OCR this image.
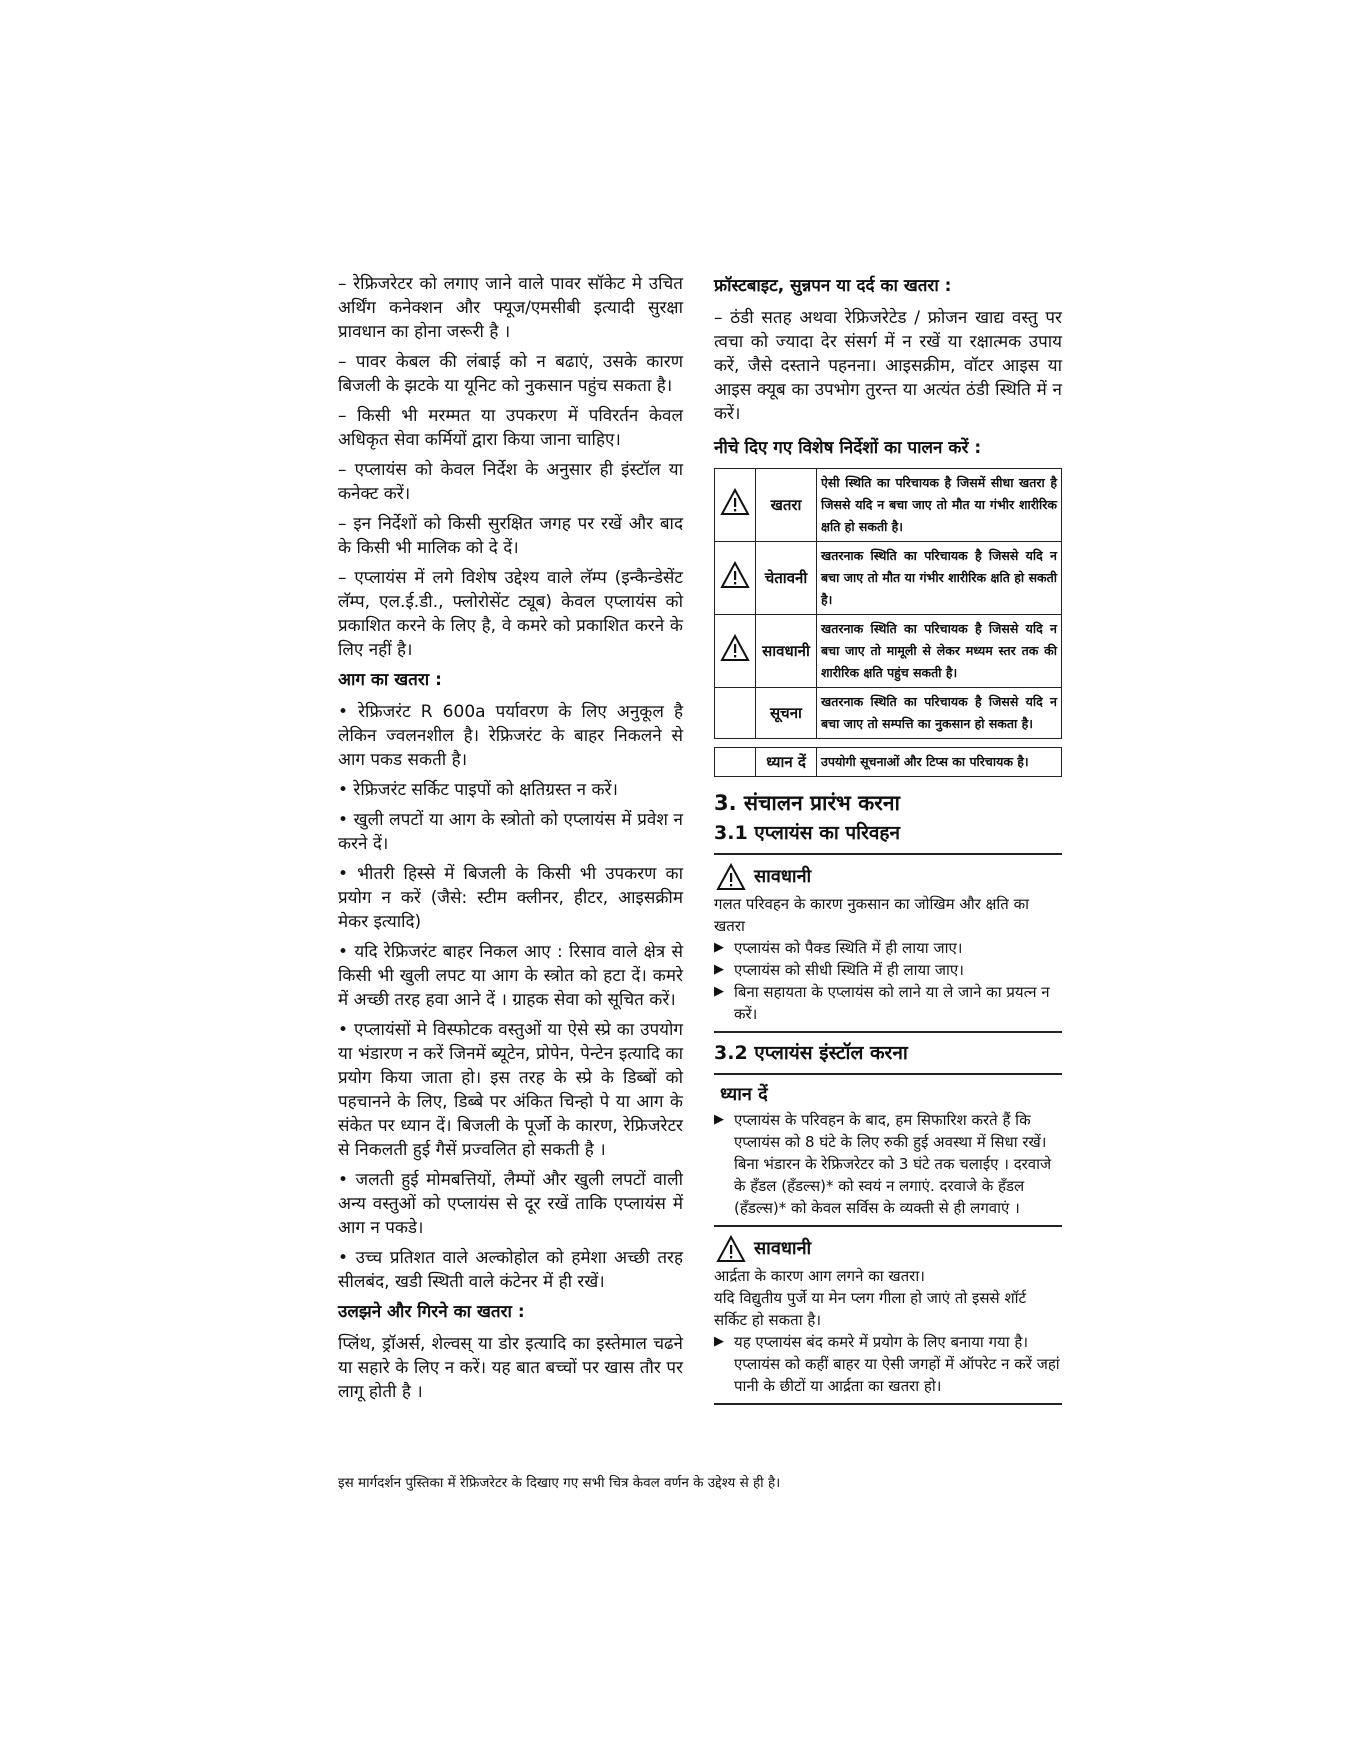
– रेफ्रिजरेटर को लगाए जाने वाले पावर सॉकेट मे उचित अर्थिंग कनेक्शन और फ्यूज/एमसीबी इत्यादी सुरक्षा प्रावधान का होना जरूरी है ।

– पावर केबल की लंबाई को न बढाएं, उसके कारण बिजली के झटके या यूनिट को नुकसान पहुंच सकता है।

– किसी भी मरम्मत या उपकरण में पविरर्तन केवल अधिकृत सेवा कर्मियों द्वारा किया जाना चाहिए।

– एप्लायंस को केवल निर्देश के अनुसार ही इंस्टॉल या कनेक्ट करें।

– इन निर्देशों को किसी सुरक्षित जगह पर रखें और बाद के किसी भी मालिक को दे दें।

– एप्लायंस में लगे विशेष उद्देश्य वाले लॅम्प (इन्कैन्डेसेंट लॅम्प, एल.ई.डी., फ्लोरोसेंट ट्यूब) केवल एप्लायंस को प्रकाशित करने के लिए है, वे कमरे को प्रकाशित करने के लिए नहीं है।

आग का खतरा :

• रेफ्रिजरंट R 600a पर्यावरण के लिए अनुकूल है लेकिन ज्वलनशील है। रेफ्रिजरंट के बाहर निकलने से आग पकड सकती है।

• रेफ्रिजरंट सर्किट पाइपों को क्षतिग्रस्त न करें।

• खुली लपटों या आग के स्त्रोतो को एप्लायंस में प्रवेश न करने दें।

• भीतरी हिस्से में बिजली के किसी भी उपकरण का प्रयोग न करें (जैसे: स्टीम क्लीनर, हीटर, आइसक्रीम मेकर इत्यादि)

• यदि रेफ्रिजरंट बाहर निकल आए : रिसाव वाले क्षेत्र से किसी भी खुली लपट या आग के स्त्रोत को हटा दें। कमरे में अच्छी तरह हवा आने दें । ग्राहक सेवा को सूचित करें।

• एप्लायंसों मे विस्फोटक वस्तुओं या ऐसे स्प्रे का उपयोग या भंडारण न करें जिनमें ब्यूटेन, प्रोपेन, पेन्टेन इत्यादि का प्रयोग किया जाता हो। इस तरह के स्प्रे के डिब्बों को पहचानने के लिए, डिब्बे पर अंकित चिन्हो पे या आग के संकेत पर ध्यान दें। बिजली के पूर्जो के कारण, रेफ्रिजरेटर से निकलती हुई गैसें प्रज्वलित हो सकती है ।

• जलती हुई मोमबत्तियों, लैम्पों और खुली लपटों वाली अन्य वस्तुओं को एप्लायंस से दूर रखें ताकि एप्लायंस में आग न पकडे।

• उच्च प्रतिशत वाले अल्कोहोल को हमेशा अच्छी तरह सीलबंद, खडी स्थिती वाले कंटेनर में ही रखें।

उलझने और गिरने का खतरा :

प्लिंथ, ड्रॉअर्स, शेल्वस् या डोर इत्यादि का इस्तेमाल चढने या सहारे के लिए न करें। यह बात बच्चों पर खास तौर पर लागू होती है ।

फ्रॉस्टबाइट, सुन्नपन या दर्द का खतरा :

– ठंडी सतह अथवा रेफ्रिजरेटेड / फ्रोजन खाद्य वस्तु पर त्वचा को ज्यादा देर संसर्ग में न रखें या रक्षात्मक उपाय करें, जैसे दस्ताने पहनना। आइसक्रीम, वॉटर आइस या आइस क्यूब का उपभोग तुरन्त या अत्यंत ठंडी स्थिति में न करें।

नीचे दिए गए विशेष निर्देशों का पालन करें :
	खतरा	ऐसी स्थिति का परिचायक है जिसमें सीधा खतरा है जिससे यदि न बचा जाए तो मौत या गंभीर शारीरिक क्षति हो सकती है।
	चेतावनी	खतरनाक स्थिति का परिचायक है जिससे यदि न बचा जाए तो मौत या गंभीर शारीरिक क्षति हो सकती है।
	सावधानी	खतरनाक स्थिति का परिचायक है जिससे यदि न बचा जाए तो मामूली से लेकर मध्यम स्तर तक की शारीरिक क्षति पहुंच सकती है।
	सूचना	खतरनाक स्थिति का परिचायक है जिससे यदि न बचा जाए तो सम्पत्ति का नुकसान हो सकता है।

	ध्यान दें	उपयोगी सूचनाओं और टिप्स का परिचायक है।
3. संचालन प्रारंभ करना
3.1 एप्लायंस का परिवहन
सावधानी
गलत परिवहन के कारण नुकसान का जोखिम और क्षति का खतरा
▶ एप्लायंस को पैक्ड स्थिति में ही लाया जाए।
▶ एप्लायंस को सीधी स्थिति में ही लाया जाए।
▶ बिना सहायता के एप्लायंस को लाने या ले जाने का प्रयत्न न करें।
3.2 एप्लायंस इंस्टॉल करना
ध्यान दें
▶ एप्लायंस के परिवहन के बाद, हम सिफारिश करते हैं कि एप्लायंस को 8 घंटे के लिए रुकी हुई अवस्था में सिधा रखें। बिना भंडारन के रेफ्रिजरेटर को 3 घंटे तक चलाईए । दरवाजे के हँडल (हँडल्स)* को स्वयं न लगाएं. दरवाजे के हँडल (हँडल्स)* को केवल सर्विस के व्यक्ती से ही लगवाएं ।
सावधानी
आर्द्रता के कारण आग लगने का खतरा।
यदि विद्युतीय पुर्जे या मेन प्लग गीला हो जाएं तो इससे शॉर्ट सर्किट हो सकता है।
▶ यह एप्लायंस बंद कमरे में प्रयोग के लिए बनाया गया है। एप्लायंस को कहीं बाहर या ऐसी जगहों में ऑपरेट न करें जहां पानी के छीटों या आर्द्रता का खतरा हो।
इस मार्गदर्शन पुस्तिका में रेफ्रिजरेटर के दिखाए गए सभी चित्र केवल वर्णन के उद्देश्य से ही है।
